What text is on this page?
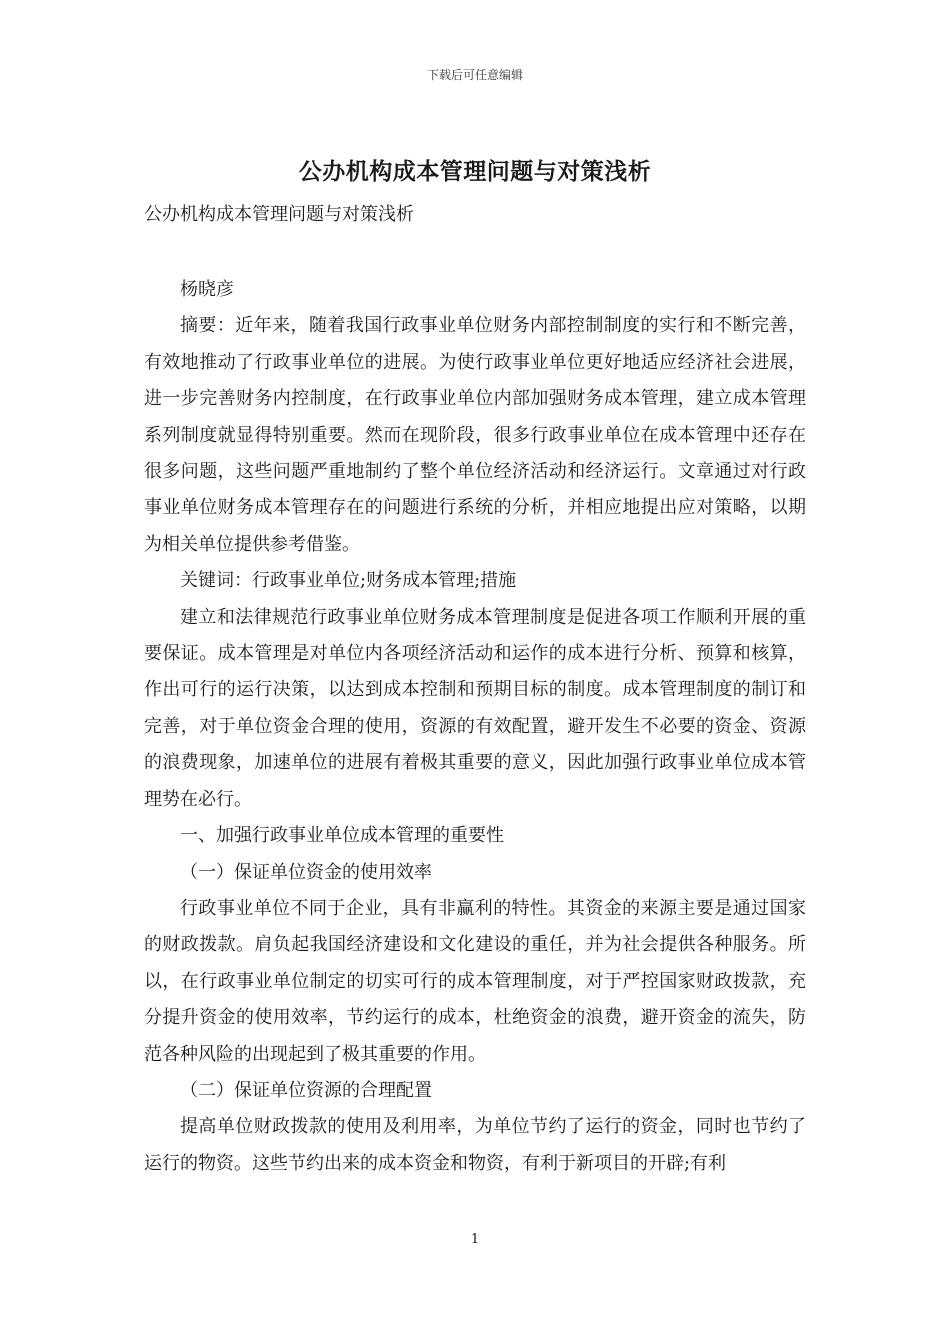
下载后可任意编辑
公办机构成本管理问题与对策浅析
公办机构成本管理问题与对策浅析

杨晓彦

摘要：近年来，随着我国行政事业单位财务内部控制制度的实行和不断完善，有效地推动了行政事业单位的进展。为使行政事业单位更好地适应经济社会进展，进一步完善财务内控制度，在行政事业单位内部加强财务成本管理，建立成本管理系列制度就显得特别重要。然而在现阶段，很多行政事业单位在成本管理中还存在很多问题，这些问题严重地制约了整个单位经济活动和经济运行。文章通过对行政事业单位财务成本管理存在的问题进行系统的分析，并相应地提出应对策略，以期为相关单位提供参考借鉴。

关键词：行政事业单位;财务成本管理;措施

建立和法律规范行政事业单位财务成本管理制度是促进各项工作顺利开展的重要保证。成本管理是对单位内各项经济活动和运作的成本进行分析、预算和核算，作出可行的运行决策，以达到成本控制和预期目标的制度。成本管理制度的制订和完善，对于单位资金合理的使用，资源的有效配置，避开发生不必要的资金、资源的浪费现象，加速单位的进展有着极其重要的意义，因此加强行政事业单位成本管理势在必行。

一、加强行政事业单位成本管理的重要性

（一）保证单位资金的使用效率

行政事业单位不同于企业，具有非赢利的特性。其资金的来源主要是通过国家的财政拨款。肩负起我国经济建设和文化建设的重任，并为社会提供各种服务。所以，在行政事业单位制定的切实可行的成本管理制度，对于严控国家财政拨款，充分提升资金的使用效率，节约运行的成本，杜绝资金的浪费，避开资金的流失，防范各种风险的出现起到了极其重要的作用。

（二）保证单位资源的合理配置

提高单位财政拨款的使用及利用率，为单位节约了运行的资金，同时也节约了运行的物资。这些节约出来的成本资金和物资，有利于新项目的开辟;有利

1
